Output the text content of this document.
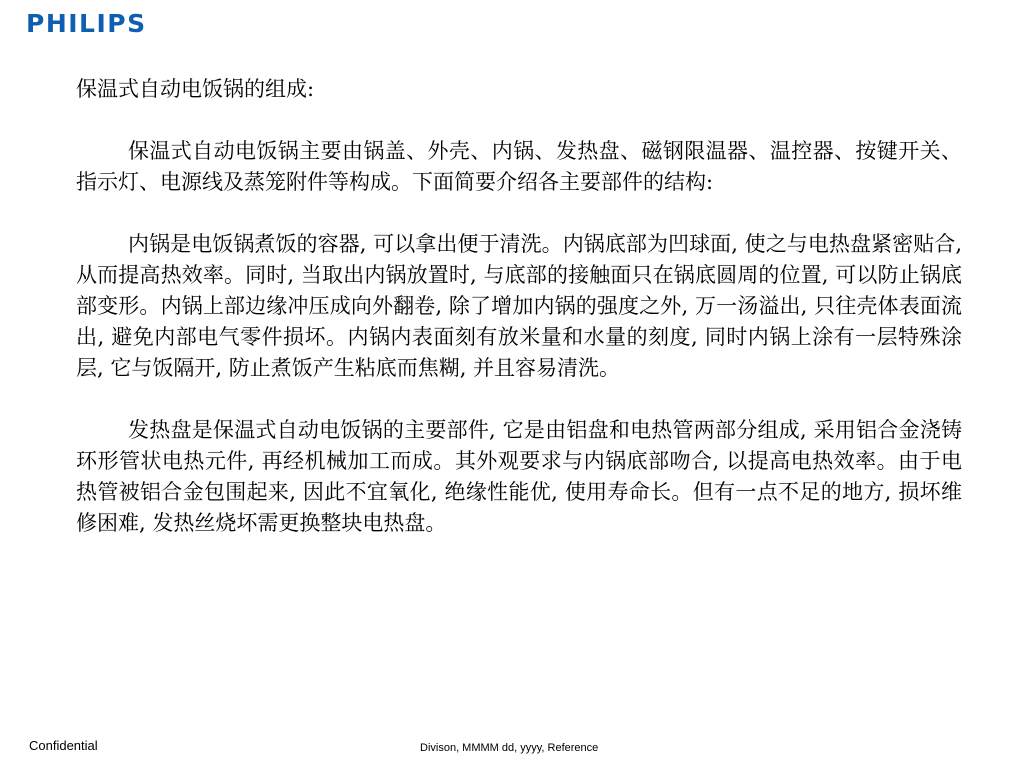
PHILIPS
保温式自动电饭锅的组成:

保温式自动电饭锅主要由锅盖、外壳、内锅、发热盘、磁钢限温器、温控器、按键开关、指示灯、电源线及蒸笼附件等构成。下面简要介绍各主要部件的结构:

内锅是电饭锅煮饭的容器, 可以拿出便于清洗。内锅底部为凹球面, 使之与电热盘紧密贴合, 从而提高热效率。同时, 当取出内锅放置时, 与底部的接触面只在锅底圆周的位置, 可以防止锅底部变形。内锅上部边缘冲压成向外翻卷, 除了增加内锅的强度之外, 万一汤溢出, 只往壳体表面流出, 避免内部电气零件损坏。内锅内表面刻有放米量和水量的刻度, 同时内锅上涂有一层特殊涂层, 它与饭隔开, 防止煮饭产生粘底而焦糊, 并且容易清洗。

发热盘是保温式自动电饭锅的主要部件, 它是由铝盘和电热管两部分组成, 采用铝合金浇铸环形管状电热元件, 再经机械加工而成。其外观要求与内锅底部吻合, 以提高电热效率。由于电热管被铝合金包围起来, 因此不宜氧化, 绝缘性能优, 使用寿命长。但有一点不足的地方, 损坏维修困难, 发热丝烧坏需更换整块电热盘。

Confidential	Divison, MMMM dd, yyyy, Reference
